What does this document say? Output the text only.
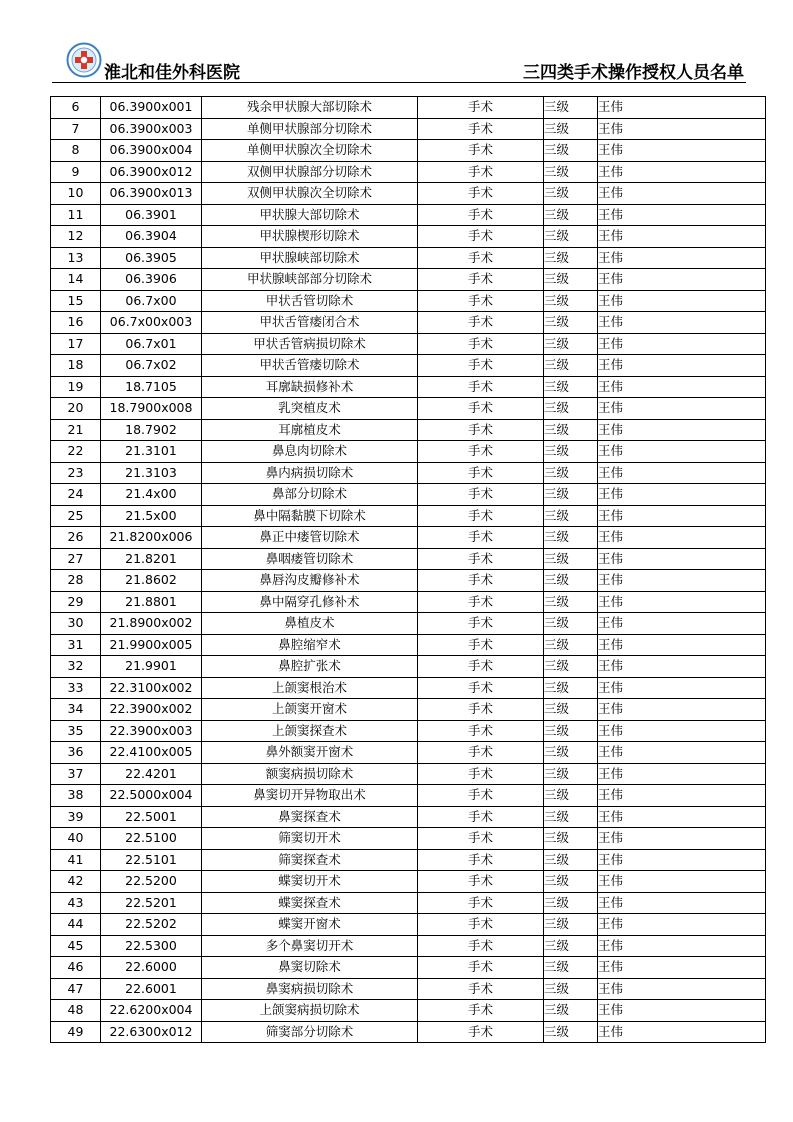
淮北和佳外科医院	三四类手术操作授权人员名单
6	06.3900x001	残余甲状腺大部切除术	手术	三级	王伟
7	06.3900x003	单侧甲状腺部分切除术	手术	三级	王伟
8	06.3900x004	单侧甲状腺次全切除术	手术	三级	王伟
9	06.3900x012	双侧甲状腺部分切除术	手术	三级	王伟
10	06.3900x013	双侧甲状腺次全切除术	手术	三级	王伟
11	06.3901	甲状腺大部切除术	手术	三级	王伟
12	06.3904	甲状腺楔形切除术	手术	三级	王伟
13	06.3905	甲状腺峡部切除术	手术	三级	王伟
14	06.3906	甲状腺峡部部分切除术	手术	三级	王伟
15	06.7x00	甲状舌管切除术	手术	三级	王伟
16	06.7x00x003	甲状舌管瘘闭合术	手术	三级	王伟
17	06.7x01	甲状舌管病损切除术	手术	三级	王伟
18	06.7x02	甲状舌管瘘切除术	手术	三级	王伟
19	18.7105	耳廓缺损修补术	手术	三级	王伟
20	18.7900x008	乳突植皮术	手术	三级	王伟
21	18.7902	耳廓植皮术	手术	三级	王伟
22	21.3101	鼻息肉切除术	手术	三级	王伟
23	21.3103	鼻内病损切除术	手术	三级	王伟
24	21.4x00	鼻部分切除术	手术	三级	王伟
25	21.5x00	鼻中隔黏膜下切除术	手术	三级	王伟
26	21.8200x006	鼻正中瘘管切除术	手术	三级	王伟
27	21.8201	鼻咽瘘管切除术	手术	三级	王伟
28	21.8602	鼻唇沟皮瓣修补术	手术	三级	王伟
29	21.8801	鼻中隔穿孔修补术	手术	三级	王伟
30	21.8900x002	鼻植皮术	手术	三级	王伟
31	21.9900x005	鼻腔缩窄术	手术	三级	王伟
32	21.9901	鼻腔扩张术	手术	三级	王伟
33	22.3100x002	上颌窦根治术	手术	三级	王伟
34	22.3900x002	上颌窦开窗术	手术	三级	王伟
35	22.3900x003	上颌窦探查术	手术	三级	王伟
36	22.4100x005	鼻外额窦开窗术	手术	三级	王伟
37	22.4201	额窦病损切除术	手术	三级	王伟
38	22.5000x004	鼻窦切开异物取出术	手术	三级	王伟
39	22.5001	鼻窦探查术	手术	三级	王伟
40	22.5100	筛窦切开术	手术	三级	王伟
41	22.5101	筛窦探查术	手术	三级	王伟
42	22.5200	蝶窦切开术	手术	三级	王伟
43	22.5201	蝶窦探查术	手术	三级	王伟
44	22.5202	蝶窦开窗术	手术	三级	王伟
45	22.5300	多个鼻窦切开术	手术	三级	王伟
46	22.6000	鼻窦切除术	手术	三级	王伟
47	22.6001	鼻窦病损切除术	手术	三级	王伟
48	22.6200x004	上颌窦病损切除术	手术	三级	王伟
49	22.6300x012	筛窦部分切除术	手术	三级	王伟
